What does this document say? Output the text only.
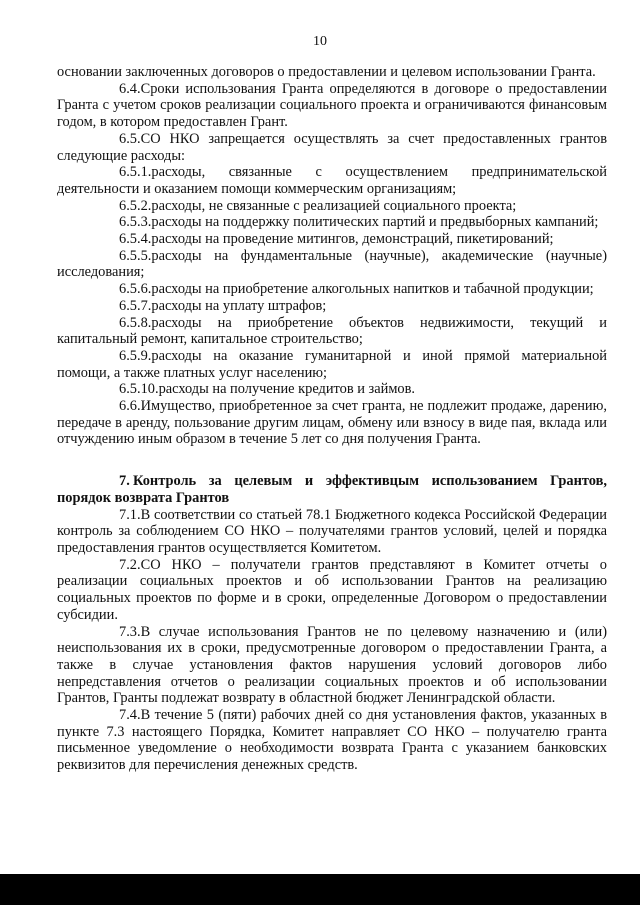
10

основании заключенных договоров о предоставлении и целевом использовании Гранта.

6.4.Сроки использования Гранта определяются в договоре о предоставлении Гранта с учетом сроков реализации социального проекта и ограничиваются финансовым годом, в котором предоставлен Грант.

6.5.СО НКО запрещается осуществлять за счет предоставленных грантов следующие расходы:

6.5.1.расходы, связанные с осуществлением предпринимательской деятельности и оказанием помощи коммерческим организациям;

6.5.2.расходы, не связанные с реализацией социального проекта;

6.5.3.расходы на поддержку политических партий и предвыборных кампаний;

6.5.4.расходы на проведение митингов, демонстраций, пикетирований;

6.5.5.расходы на фундаментальные (научные), академические (научные) исследования;

6.5.6.расходы на приобретение алкогольных напитков и табачной продукции;

6.5.7.расходы на уплату штрафов;

6.5.8.расходы на приобретение объектов недвижимости, текущий и капитальный ремонт, капитальное строительство;

6.5.9.расходы на оказание гуманитарной и иной прямой материальной помощи, а также платных услуг населению;

6.5.10.расходы на получение кредитов и займов.

6.6.Имущество, приобретенное за счет гранта, не подлежит продаже, дарению, передаче в аренду, пользование другим лицам, обмену или взносу в виде пая, вклада или отчуждению иным образом в течение 5 лет со дня получения Гранта.

7. Контроль за целевым и эффективцым использованием Грантов, порядок возврата Грантов

7.1.В соответствии со статьей 78.1 Бюджетного кодекса Российской Федерации контроль за соблюдением СО НКО – получателями грантов условий, целей и порядка предоставления грантов осуществляется Комитетом.

7.2.СО НКО – получатели грантов представляют в Комитет отчеты о реализации социальных проектов и об использовании Грантов на реализацию социальных проектов по форме и в сроки, определенные Договором о предоставлении субсидии.

7.3.В случае использования Грантов не по целевому назначению и (или) неиспользования их в сроки, предусмотренные договором о предоставлении Гранта, а также в случае установления фактов нарушения условий договоров либо непредставления отчетов о реализации социальных проектов и об использовании Грантов, Гранты подлежат возврату в областной бюджет Ленинградской области.

7.4.В течение 5 (пяти) рабочих дней со дня установления фактов, указанных в пункте 7.3 настоящего Порядка, Комитет направляет СО НКО – получателю гранта письменное уведомление о необходимости возврата Гранта с указанием банковских реквизитов для перечисления денежных средств.
